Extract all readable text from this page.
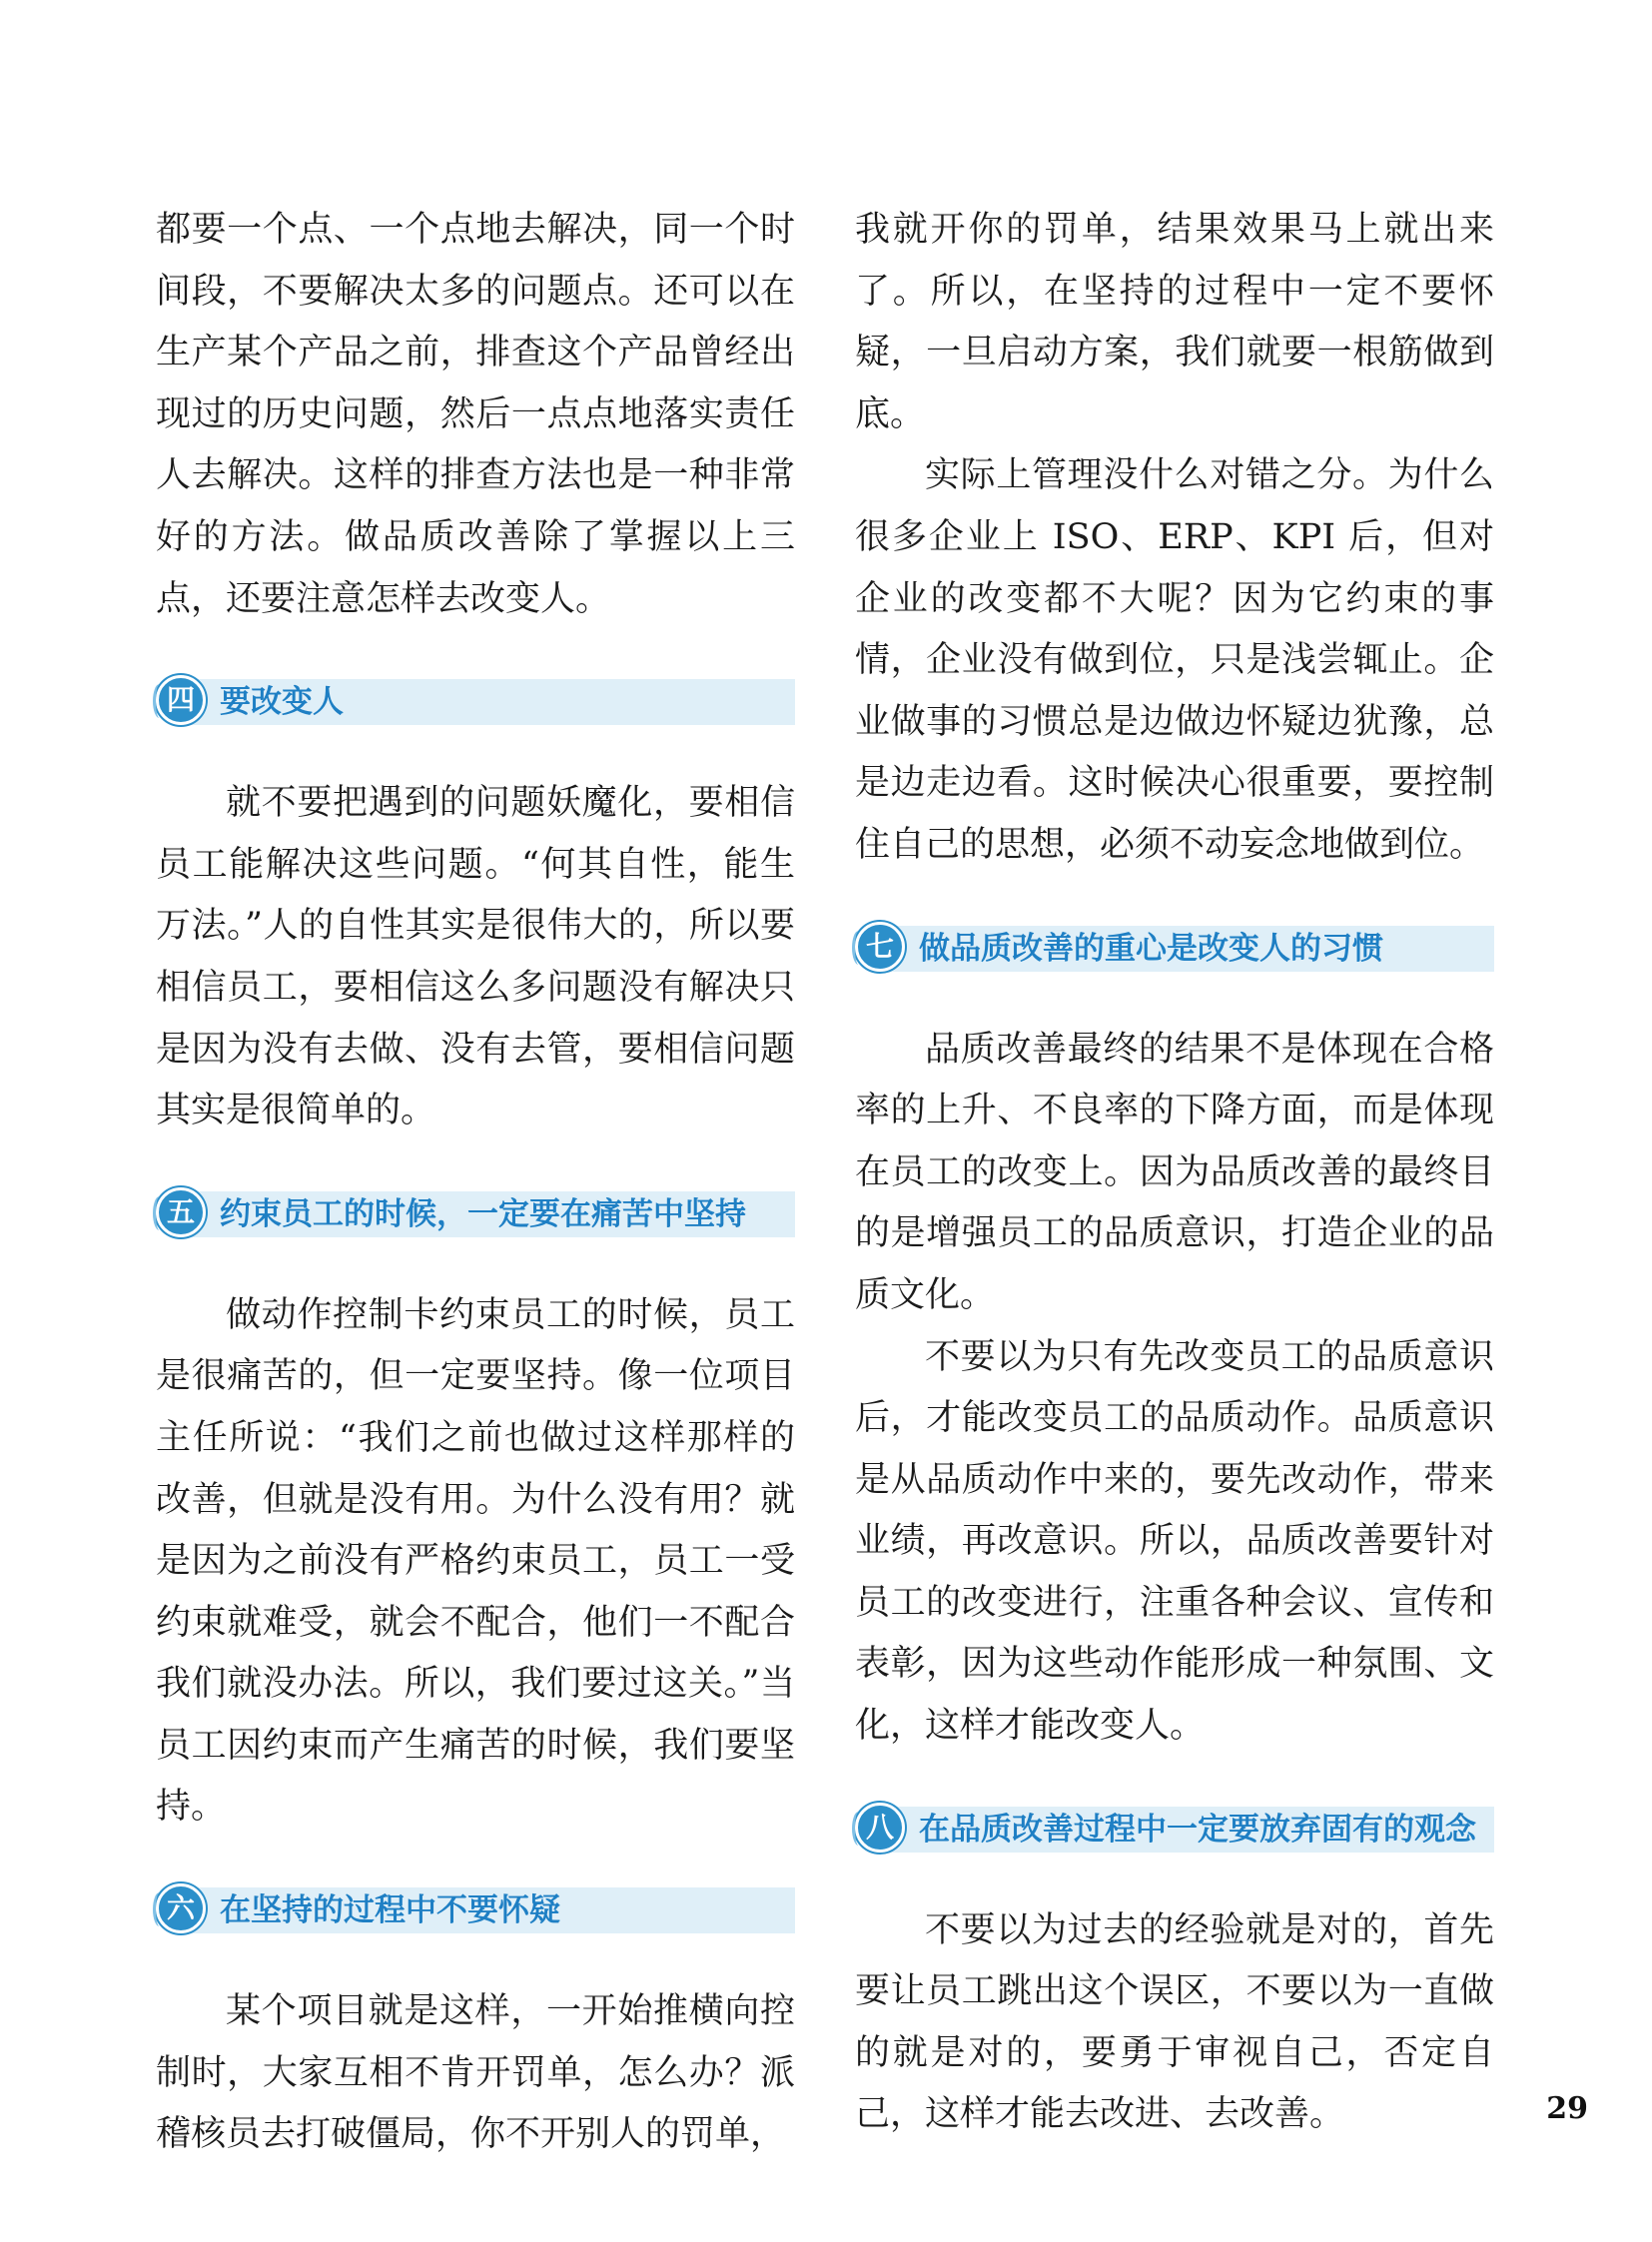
都要一个点、一个点地去解决，同一个时间段，不要解决太多的问题点。还可以在生产某个产品之前，排查这个产品曾经出现过的历史问题，然后一点点地落实责任人去解决。这样的排查方法也是一种非常好的方法。做品质改善除了掌握以上三点，还要注意怎样去改变人。

四 要改变人

就不要把遇到的问题妖魔化，要相信员工能解决这些问题。“何其自性，能生万法。”人的自性其实是很伟大的，所以要相信员工，要相信这么多问题没有解决只是因为没有去做、没有去管，要相信问题其实是很简单的。

五 约束员工的时候，一定要在痛苦中坚持

做动作控制卡约束员工的时候，员工是很痛苦的，但一定要坚持。像一位项目主任所说：“我们之前也做过这样那样的改善，但就是没有用。为什么没有用？就是因为之前没有严格约束员工，员工一受约束就难受，就会不配合，他们一不配合我们就没办法。所以，我们要过这关。”当员工因约束而产生痛苦的时候，我们要坚持。

六 在坚持的过程中不要怀疑

某个项目就是这样，一开始推横向控制时，大家互相不肯开罚单，怎么办？派稽核员去打破僵局，你不开别人的罚单，

我就开你的罚单，结果效果马上就出来了。所以，在坚持的过程中一定不要怀疑，一旦启动方案，我们就要一根筋做到底。

实际上管理没什么对错之分。为什么很多企业上 ISO、ERP、KPI 后，但对企业的改变都不大呢？因为它约束的事情，企业没有做到位，只是浅尝辄止。企业做事的习惯总是边做边怀疑边犹豫，总是边走边看。这时候决心很重要，要控制住自己的思想，必须不动妄念地做到位。

七 做品质改善的重心是改变人的习惯

品质改善最终的结果不是体现在合格率的上升、不良率的下降方面，而是体现在员工的改变上。因为品质改善的最终目的是增强员工的品质意识，打造企业的品质文化。

不要以为只有先改变员工的品质意识后，才能改变员工的品质动作。品质意识是从品质动作中来的，要先改动作，带来业绩，再改意识。所以，品质改善要针对员工的改变进行，注重各种会议、宣传和表彰，因为这些动作能形成一种氛围、文化，这样才能改变人。

八 在品质改善过程中一定要放弃固有的观念

不要以为过去的经验就是对的，首先要让员工跳出这个误区，不要以为一直做的就是对的，要勇于审视自己，否定自己，这样才能去改进、去改善。	29
